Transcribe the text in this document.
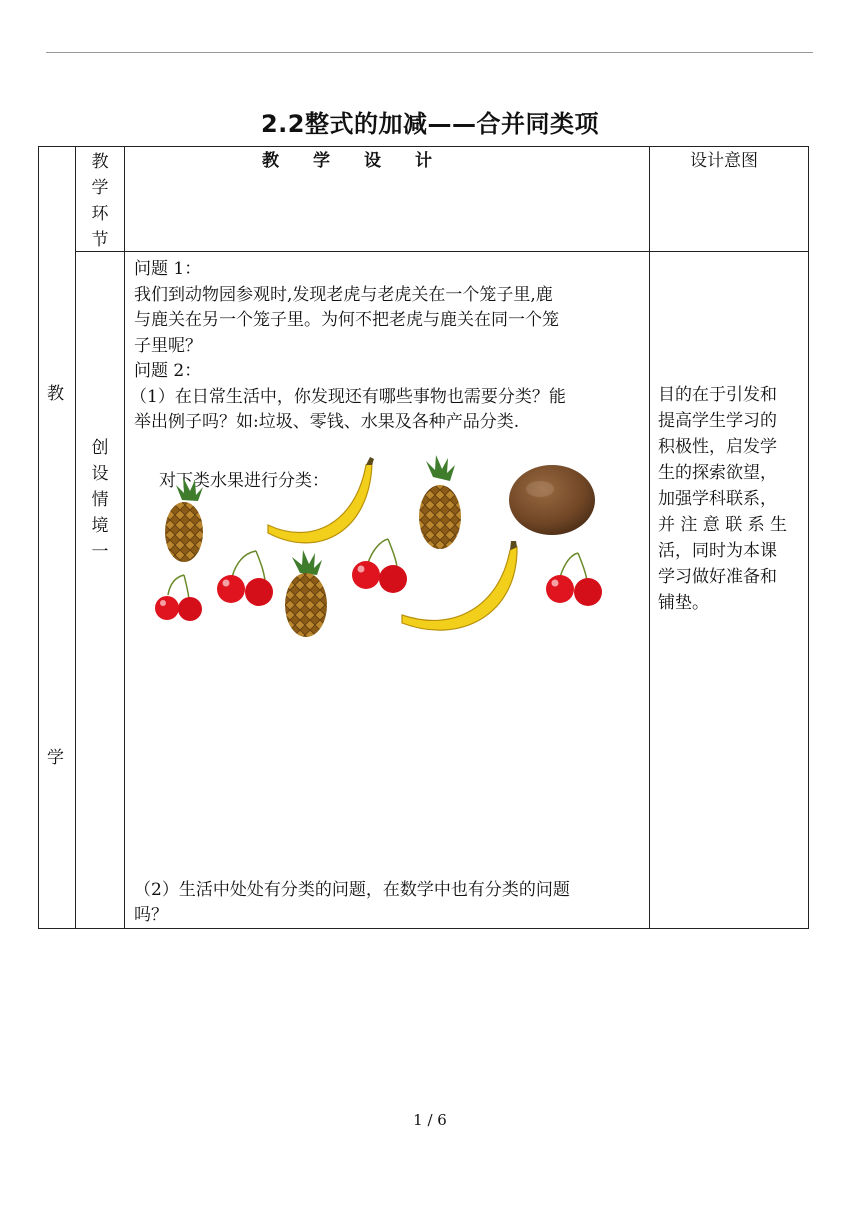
2.2整式的加减——合并同类项
教
学
教学环节
教　　学　　设　　计	设计意图
创设情境一
问题 1：
我们到动物园参观时,发现老虎与老虎关在一个笼子里,鹿
与鹿关在另一个笼子里。为何不把老虎与鹿关在同一个笼
子里呢？
问题 2：
（1）在日常生活中，你发现还有哪些事物也需要分类？能
举出例子吗？如:垃圾、零钱、水果及各种产品分类.
对下类水果进行分类：
（2）生活中处处有分类的问题，在数学中也有分类的问题
吗？
目的在于引发和
提高学生学习的
积极性，启发学
生的探索欲望，
加强学科联系，
并 注 意 联 系 生
活，同时为本课
学习做好准备和
铺垫。
1 / 6
